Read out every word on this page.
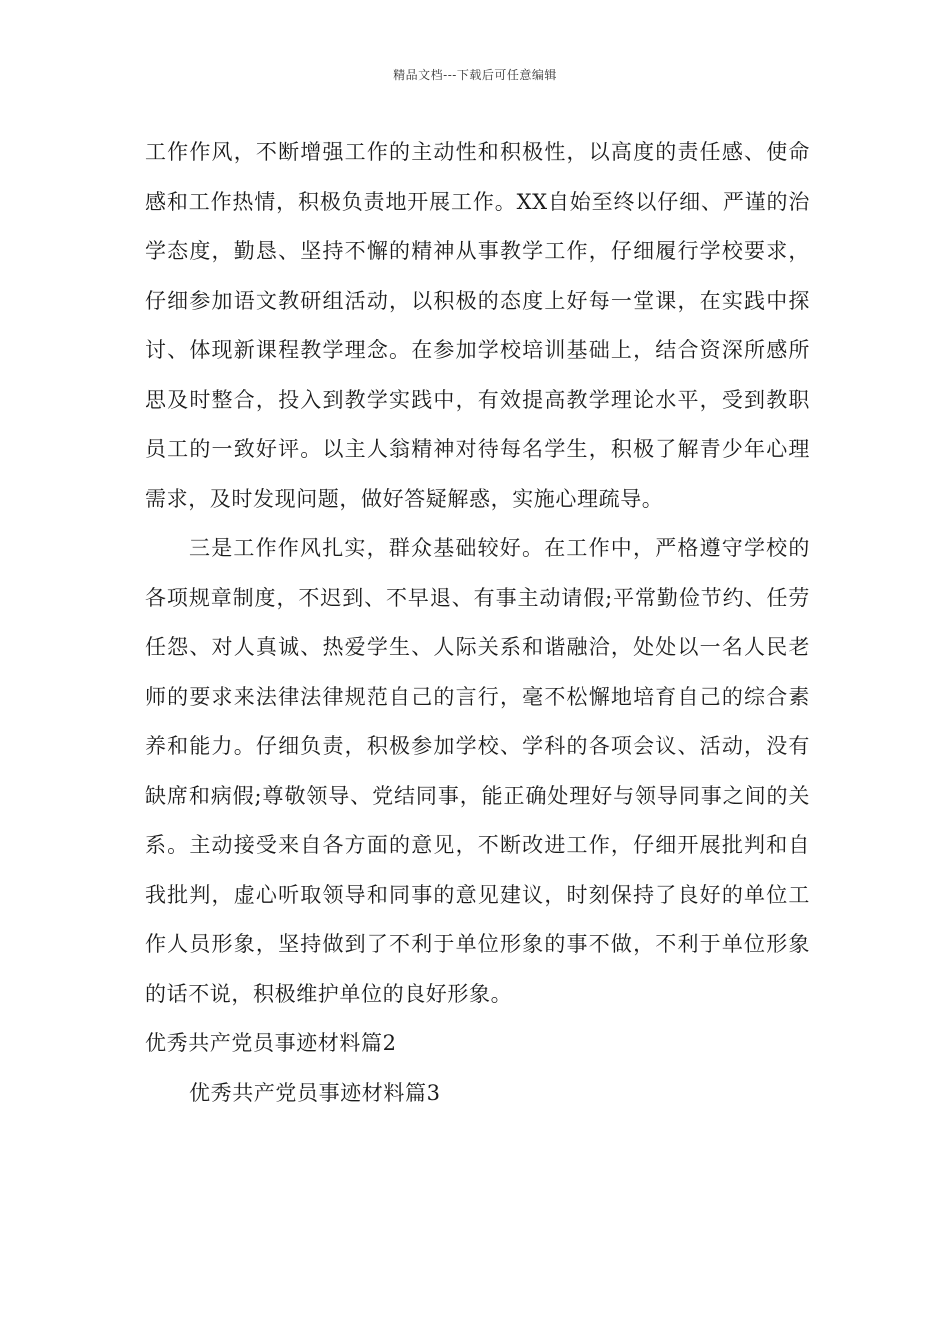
精品文档---下载后可任意编辑

工作作风，不断增强工作的主动性和积极性，以高度的责任感、使命感和工作热情，积极负责地开展工作。XX自始至终以仔细、严谨的治学态度，勤恳、坚持不懈的精神从事教学工作，仔细履行学校要求，仔细参加语文教研组活动，以积极的态度上好每一堂课，在实践中探讨、体现新课程教学理念。在参加学校培训基础上，结合资深所感所思及时整合，投入到教学实践中，有效提高教学理论水平，受到教职员工的一致好评。以主人翁精神对待每名学生，积极了解青少年心理需求，及时发现问题，做好答疑解惑，实施心理疏导。

三是工作作风扎实，群众基础较好。在工作中，严格遵守学校的各项规章制度，不迟到、不早退、有事主动请假;平常勤俭节约、任劳任怨、对人真诚、热爱学生、人际关系和谐融洽，处处以一名人民老师的要求来法律法律规范自己的言行，毫不松懈地培育自己的综合素养和能力。仔细负责，积极参加学校、学科的各项会议、活动，没有缺席和病假;尊敬领导、党结同事，能正确处理好与领导同事之间的关系。主动接受来自各方面的意见，不断改进工作，仔细开展批判和自我批判，虚心听取领导和同事的意见建议，时刻保持了良好的单位工作人员形象，坚持做到了不利于单位形象的事不做，不利于单位形象的话不说，积极维护单位的良好形象。

优秀共产党员事迹材料篇2

优秀共产党员事迹材料篇3
